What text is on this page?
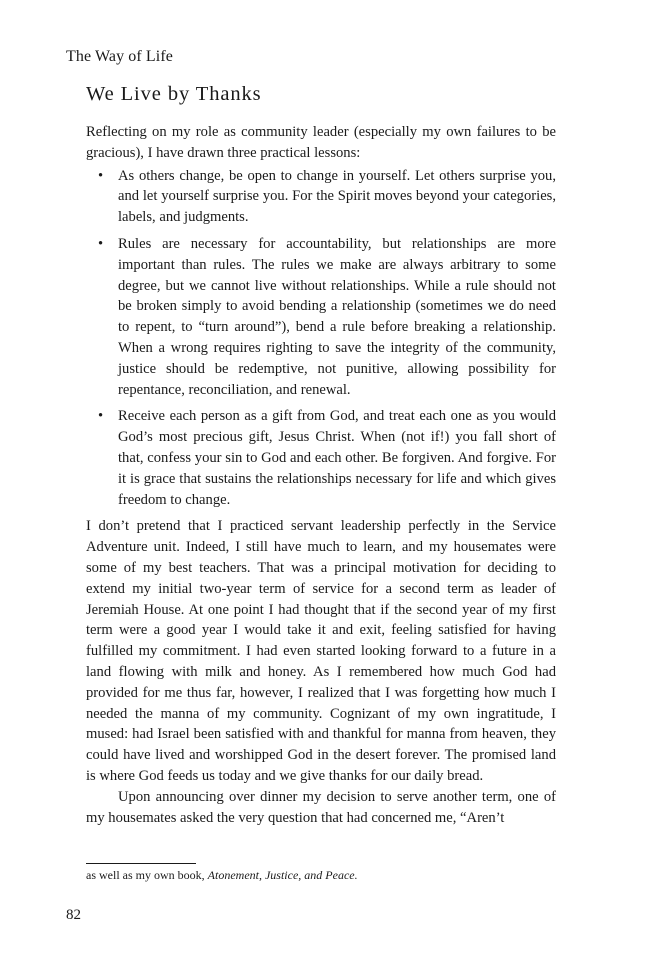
The Way of Life
We Live by Thanks

Reflecting on my role as community leader (especially my own failures to be gracious), I have drawn three practical lessons:

• As others change, be open to change in yourself. Let others surprise you, and let yourself surprise you. For the Spirit moves beyond your categories, labels, and judgments.
• Rules are necessary for accountability, but relationships are more important than rules. The rules we make are always arbitrary to some degree, but we cannot live without relationships. While a rule should not be broken simply to avoid bending a relationship (sometimes we do need to repent, to “turn around”), bend a rule before breaking a relationship. When a wrong requires righting to save the integrity of the community, justice should be redemptive, not punitive, allowing possibility for repentance, reconciliation, and renewal.
• Receive each person as a gift from God, and treat each one as you would God’s most precious gift, Jesus Christ. When (not if!) you fall short of that, confess your sin to God and each other. Be forgiven. And forgive. For it is grace that sustains the relationships necessary for life and which gives freedom to change.

I don’t pretend that I practiced servant leadership perfectly in the Service Adventure unit. Indeed, I still have much to learn, and my housemates were some of my best teachers. That was a principal motivation for deciding to extend my initial two-year term of service for a second term as leader of Jeremiah House. At one point I had thought that if the second year of my first term were a good year I would take it and exit, feeling satisfied for having fulfilled my commitment. I had even started looking forward to a future in a land flowing with milk and honey. As I remembered how much God had provided for me thus far, however, I realized that I was forgetting how much I needed the manna of my community. Cognizant of my own ingratitude, I mused: had Israel been satisfied with and thankful for manna from heaven, they could have lived and worshipped God in the desert forever. The promised land is where God feeds us today and we give thanks for our daily bread.

Upon announcing over dinner my decision to serve another term, one of my housemates asked the very question that had concerned me, “Aren’t

as well as my own book, Atonement, Justice, and Peace.
82
